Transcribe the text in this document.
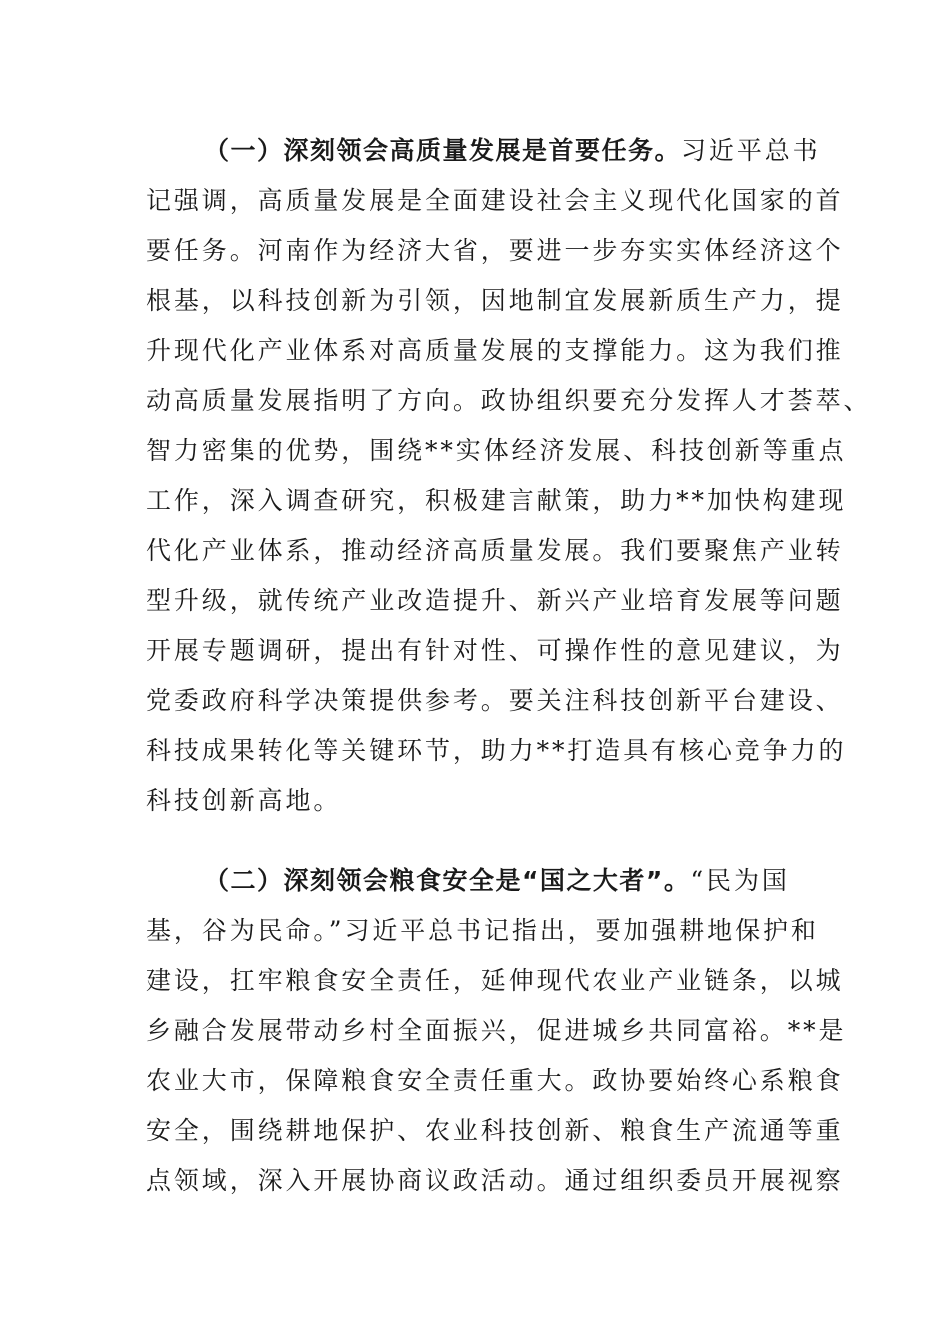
（一）深刻领会高质量发展是首要任务。习近平总书
记强调，高质量发展是全面建设社会主义现代化国家的首
要任务。河南作为经济大省，要进一步夯实实体经济这个
根基，以科技创新为引领，因地制宜发展新质生产力，提
升现代化产业体系对高质量发展的支撑能力。这为我们推
动高质量发展指明了方向。政协组织要充分发挥人才荟萃、
智力密集的优势，围绕**实体经济发展、科技创新等重点
工作，深入调查研究，积极建言献策，助力**加快构建现
代化产业体系，推动经济高质量发展。我们要聚焦产业转
型升级，就传统产业改造提升、新兴产业培育发展等问题
开展专题调研，提出有针对性、可操作性的意见建议，为
党委政府科学决策提供参考。要关注科技创新平台建设、
科技成果转化等关键环节，助力**打造具有核心竞争力的
科技创新高地。
（二）深刻领会粮食安全是“国之大者”。“民为国
基，谷为民命。”习近平总书记指出，要加强耕地保护和
建设，扛牢粮食安全责任，延伸现代农业产业链条，以城
乡融合发展带动乡村全面振兴，促进城乡共同富裕。**是
农业大市，保障粮食安全责任重大。政协要始终心系粮食
安全，围绕耕地保护、农业科技创新、粮食生产流通等重
点领域，深入开展协商议政活动。通过组织委员开展视察
